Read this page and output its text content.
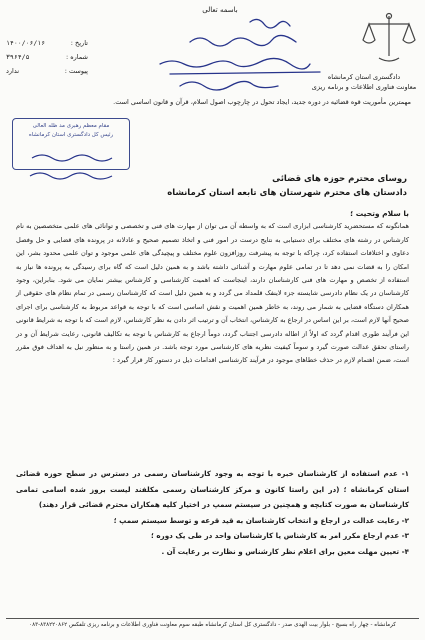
باسمه تعالی
دادگستری استان کرمانشاه
معاونت فناوری اطلاعات و برنامه ریزی
تاریخ :
۱۴۰۰/۰۶/۱۶
شماره :
۳۹۶۴/۵
پیوست :
ندارد
مهمترین مأموریت قوه قضائیه در دوره جدید، ایجاد تحول در چارچوب اصول اسلام، قرآن و قانون اساسی است.
مقام معظم رهبری مد ظله العالی
رئیس کل دادگستری استان کرمانشاه
روسای محترم حوزه های قضائی
دادستان های محترم شهرستان های تابعه استان کرمانشاه

با سلام وتحیت ؛

همانگونه که مستحضرید کارشناسی ابزاری است که به واسطه آن می توان از مهارت های فنی و تخصصی و توانائی های علمی متخصصین به نام کارشناس در رشته های مختلف برای دستیابی به نتایج درست در امور فنی و اتخاذ تصمیم صحیح و عادلانه در پرونده های قضایی و حل وفصل دعاوی و اختلافات استفاده کرد، چراکه با توجه به پیشرفت روزافزون علوم مختلف و پیچیدگی های علمی موجود و توان علمی محدود بشر، این امکان را به قضات نمی دهد تا در تمامی علوم مهارت و آشنائی داشته باشد و به همین دلیل است که گاه برای رسیدگی به پرونده ها نیاز به استفاده از تخصص و مهارت های فنی کارشناسان دارند، اینجاست که اهمیت کارشناسی و کارشناس بیشتر نمایان می شود. بنابراین، وجود کارشناسان در یک نظام دادرسی شایسته جزء لاینفک قلمداد می گردد و به همین دلیل است که کارشناسان رسمی در تمام نظام های حقوقی از همکاران دستگاه قضایی به شمار می روند، به خاطر همین اهمیت و نقش اساسی است که با توجه به قواعد مربوط به کارشناسی برای اجرای صحیح آنها لازم است، بر این اساس در ارجاع به کارشناس، انتخاب آن و ترتیب اثر دادن به نظر کارشناس، لازم است که با توجه به شرایط قانونی این فرآیند طوری اقدام گردد که اولاً از اطاله دادرسی اجتناب گردد، دوماً ارجاع به کارشناس با توجه به تکالیف قانونی، رعایت شرایط آن و در راستای تحقق عدالت صورت گیرد و سوماً کیفیت نظریه های کارشناسی مورد توجه باشد. در همین راستا و به منظور نیل به اهداف فوق مقرر است، ضمن اهتمام لازم در حذف خطاهای موجود در فرآیند کارشناسی اقدامات ذیل در دستور کار قرار گیرد :

۱- عدم استفاده از کارشناسان خبره با توجه به وجود کارشناسان رسمی در دسترس در سطح حوزه قضائی استان کرمانشاه ؛ (در این راستا کانون و مرکز کارشناسان رسمی مکلفند لیست بروز شده اسامی تمامی کارشناسان به صورت کتابچه و همچنین در سیستم سمپ در اختیار کلیه همکاران محترم قضائی قرار دهند)

۲- رعایت عدالت در ارجاع و انتخاب کارشناسان به قید قرعه و توسط سیستم سمپ ؛

۳- عدم ارجاع مکرر امر به کارشناس یا کارشناسان واحد در طی یک دوره ؛

۴- تعیین مهلت معین برای اعلام نظر کارشناس و نظارت بر رعایت آن .

کرمانشاه - چهار راه بسیج - بلوار بیت الهدی صدر - دادگستری کل استان کرمانشاه طبقه سوم معاونت فناوری اطلاعات و برنامه ریزی تلفکس ۸۳۸۲۲۰۸۶۲-۰۸۳
